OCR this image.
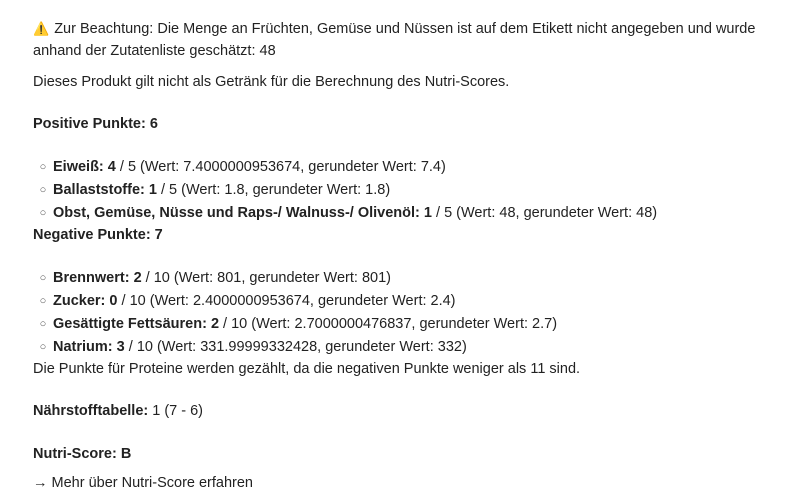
⚠️ Zur Beachtung: Die Menge an Früchten, Gemüse und Nüssen ist auf dem Etikett nicht angegeben und wurde
anhand der Zutatenliste geschätzt: 48
Dieses Produkt gilt nicht als Getränk für die Berechnung des Nutri-Scores.
Positive Punkte: 6
○ Eiweiß: 4 / 5 (Wert: 7.4000000953674, gerundeter Wert: 7.4)
○ Ballaststoffe: 1 / 5 (Wert: 1.8, gerundeter Wert: 1.8)
○ Obst, Gemüse, Nüsse und Raps-/ Walnuss-/ Olivenöl: 1 / 5 (Wert: 48, gerundeter Wert: 48)
Negative Punkte: 7
○ Brennwert: 2 / 10 (Wert: 801, gerundeter Wert: 801)
○ Zucker: 0 / 10 (Wert: 2.4000000953674, gerundeter Wert: 2.4)
○ Gesättigte Fettsäuren: 2 / 10 (Wert: 2.7000000476837, gerundeter Wert: 2.7)
○ Natrium: 3 / 10 (Wert: 331.99999332428, gerundeter Wert: 332)
Die Punkte für Proteine werden gezählt, da die negativen Punkte weniger als 11 sind.
Nährstofftabelle: 1 (7 - 6)
Nutri-Score: B
→ Mehr über Nutri-Score erfahren
